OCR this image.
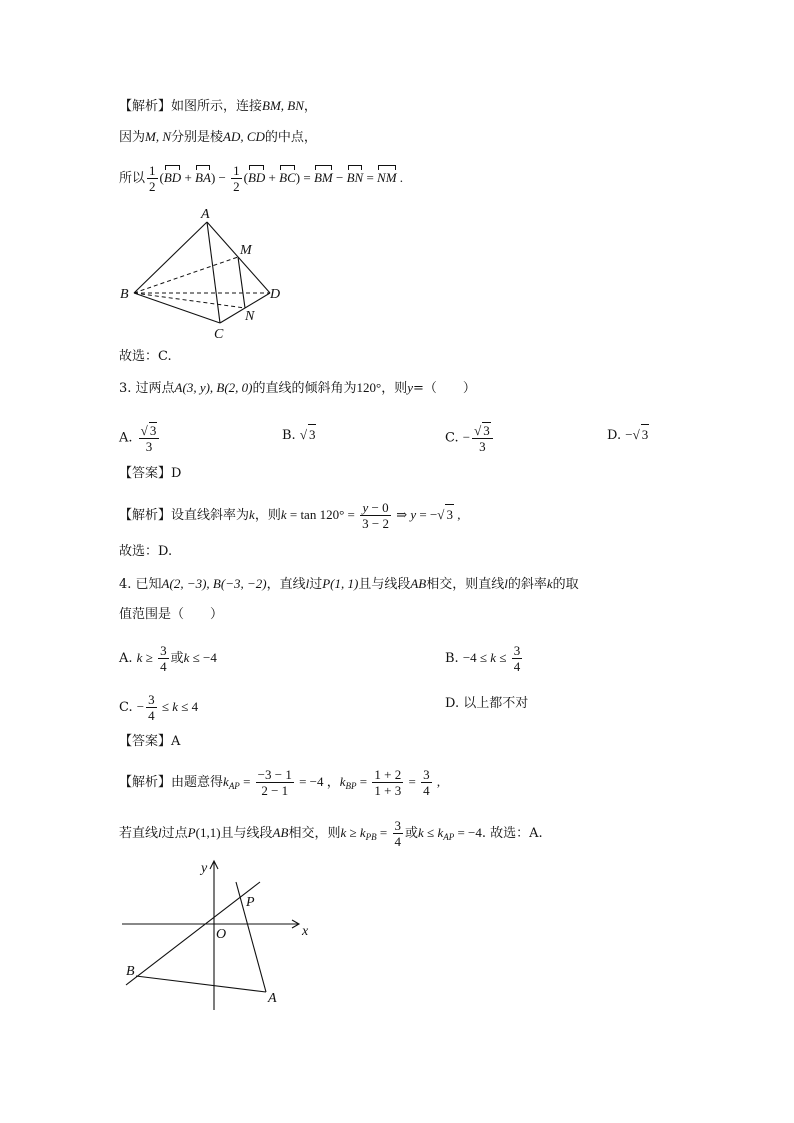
【解析】如图所示，连接BM, BN，
因为M, N分别是棱AD, CD的中点，
所以 $\frac{1}{2} (BD + BA) - \frac{1}{2} (BD + BC)$ = BM − BN = NM .
A
M
B	D
N
C
故选：C.
3. 过两点A(3, y), B(2, 0)的直线的倾斜角为120°，则y=（　　）
A. $\frac{√ 3}{3}$	B. √ 3	C. − $\frac{√ 3}{3}$	D. −√ 3
【答案】D
【解析】设直线斜率为k，则$k = \tan 120^\circ = \frac{y - 0}{3 - 2}$ ⇒ y = −√ 3 ,
故选：D.
4. 已知A(2, −3), B(−3, −2)，直线l过P(1, 1)且与线段AB相交，则直线l的斜率k的取
值范围是（　　）
A. $k \ge \frac{3}{4}$ 或k ≤ −4	B. $-4 \le k \le \frac{3}{4}$
C. − $\frac{3}{4} \le k \le 4$	D. 以上都不对
【答案】A
【解析】由题意得$k_{AP} = \frac{-3 - 1}{2 - 1} = -4$ ，$k_{BP} = \frac{1 + 2}{1 + 3} = \frac{3}{4}$ ,
若直线l过点P(1,1)且与线段AB相交，则$k \ge k_{PB} = \frac{3}{4}$ 或$k \le k_{AP} = -4$. 故选：A.
x
y
O
P
B
A
